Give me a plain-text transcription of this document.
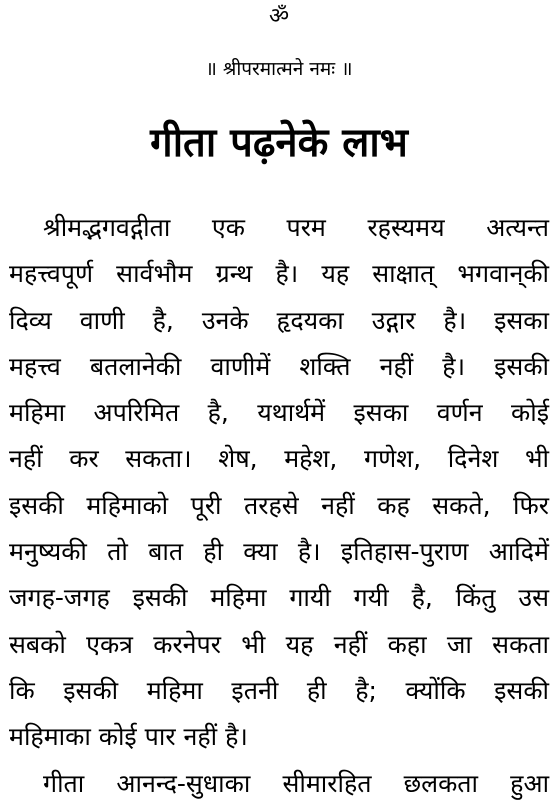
ॐ
॥ श्रीपरमात्मने नमः ॥
गीता पढ़नेके लाभ
श्रीमद्भगवद्गीता एक परम रहस्यमय अत्यन्त
महत्त्वपूर्ण सार्वभौम ग्रन्थ है। यह साक्षात् भगवान्‌की
दिव्य वाणी है, उनके हृदयका उद्गार है। इसका
महत्त्व बतलानेकी वाणीमें शक्ति नहीं है। इसकी
महिमा अपरिमित है, यथार्थमें इसका वर्णन कोई
नहीं कर सकता। शेष, महेश, गणेश, दिनेश भी
इसकी महिमाको पूरी तरहसे नहीं कह सकते, फिर
मनुष्यकी तो बात ही क्या है। इतिहास-पुराण आदिमें
जगह-जगह इसकी महिमा गायी गयी है, किंतु उस
सबको एकत्र करनेपर भी यह नहीं कहा जा सकता
कि इसकी महिमा इतनी ही है; क्योंकि इसकी
महिमाका कोई पार नहीं है।
गीता आनन्द-सुधाका सीमारहित छलकता हुआ
